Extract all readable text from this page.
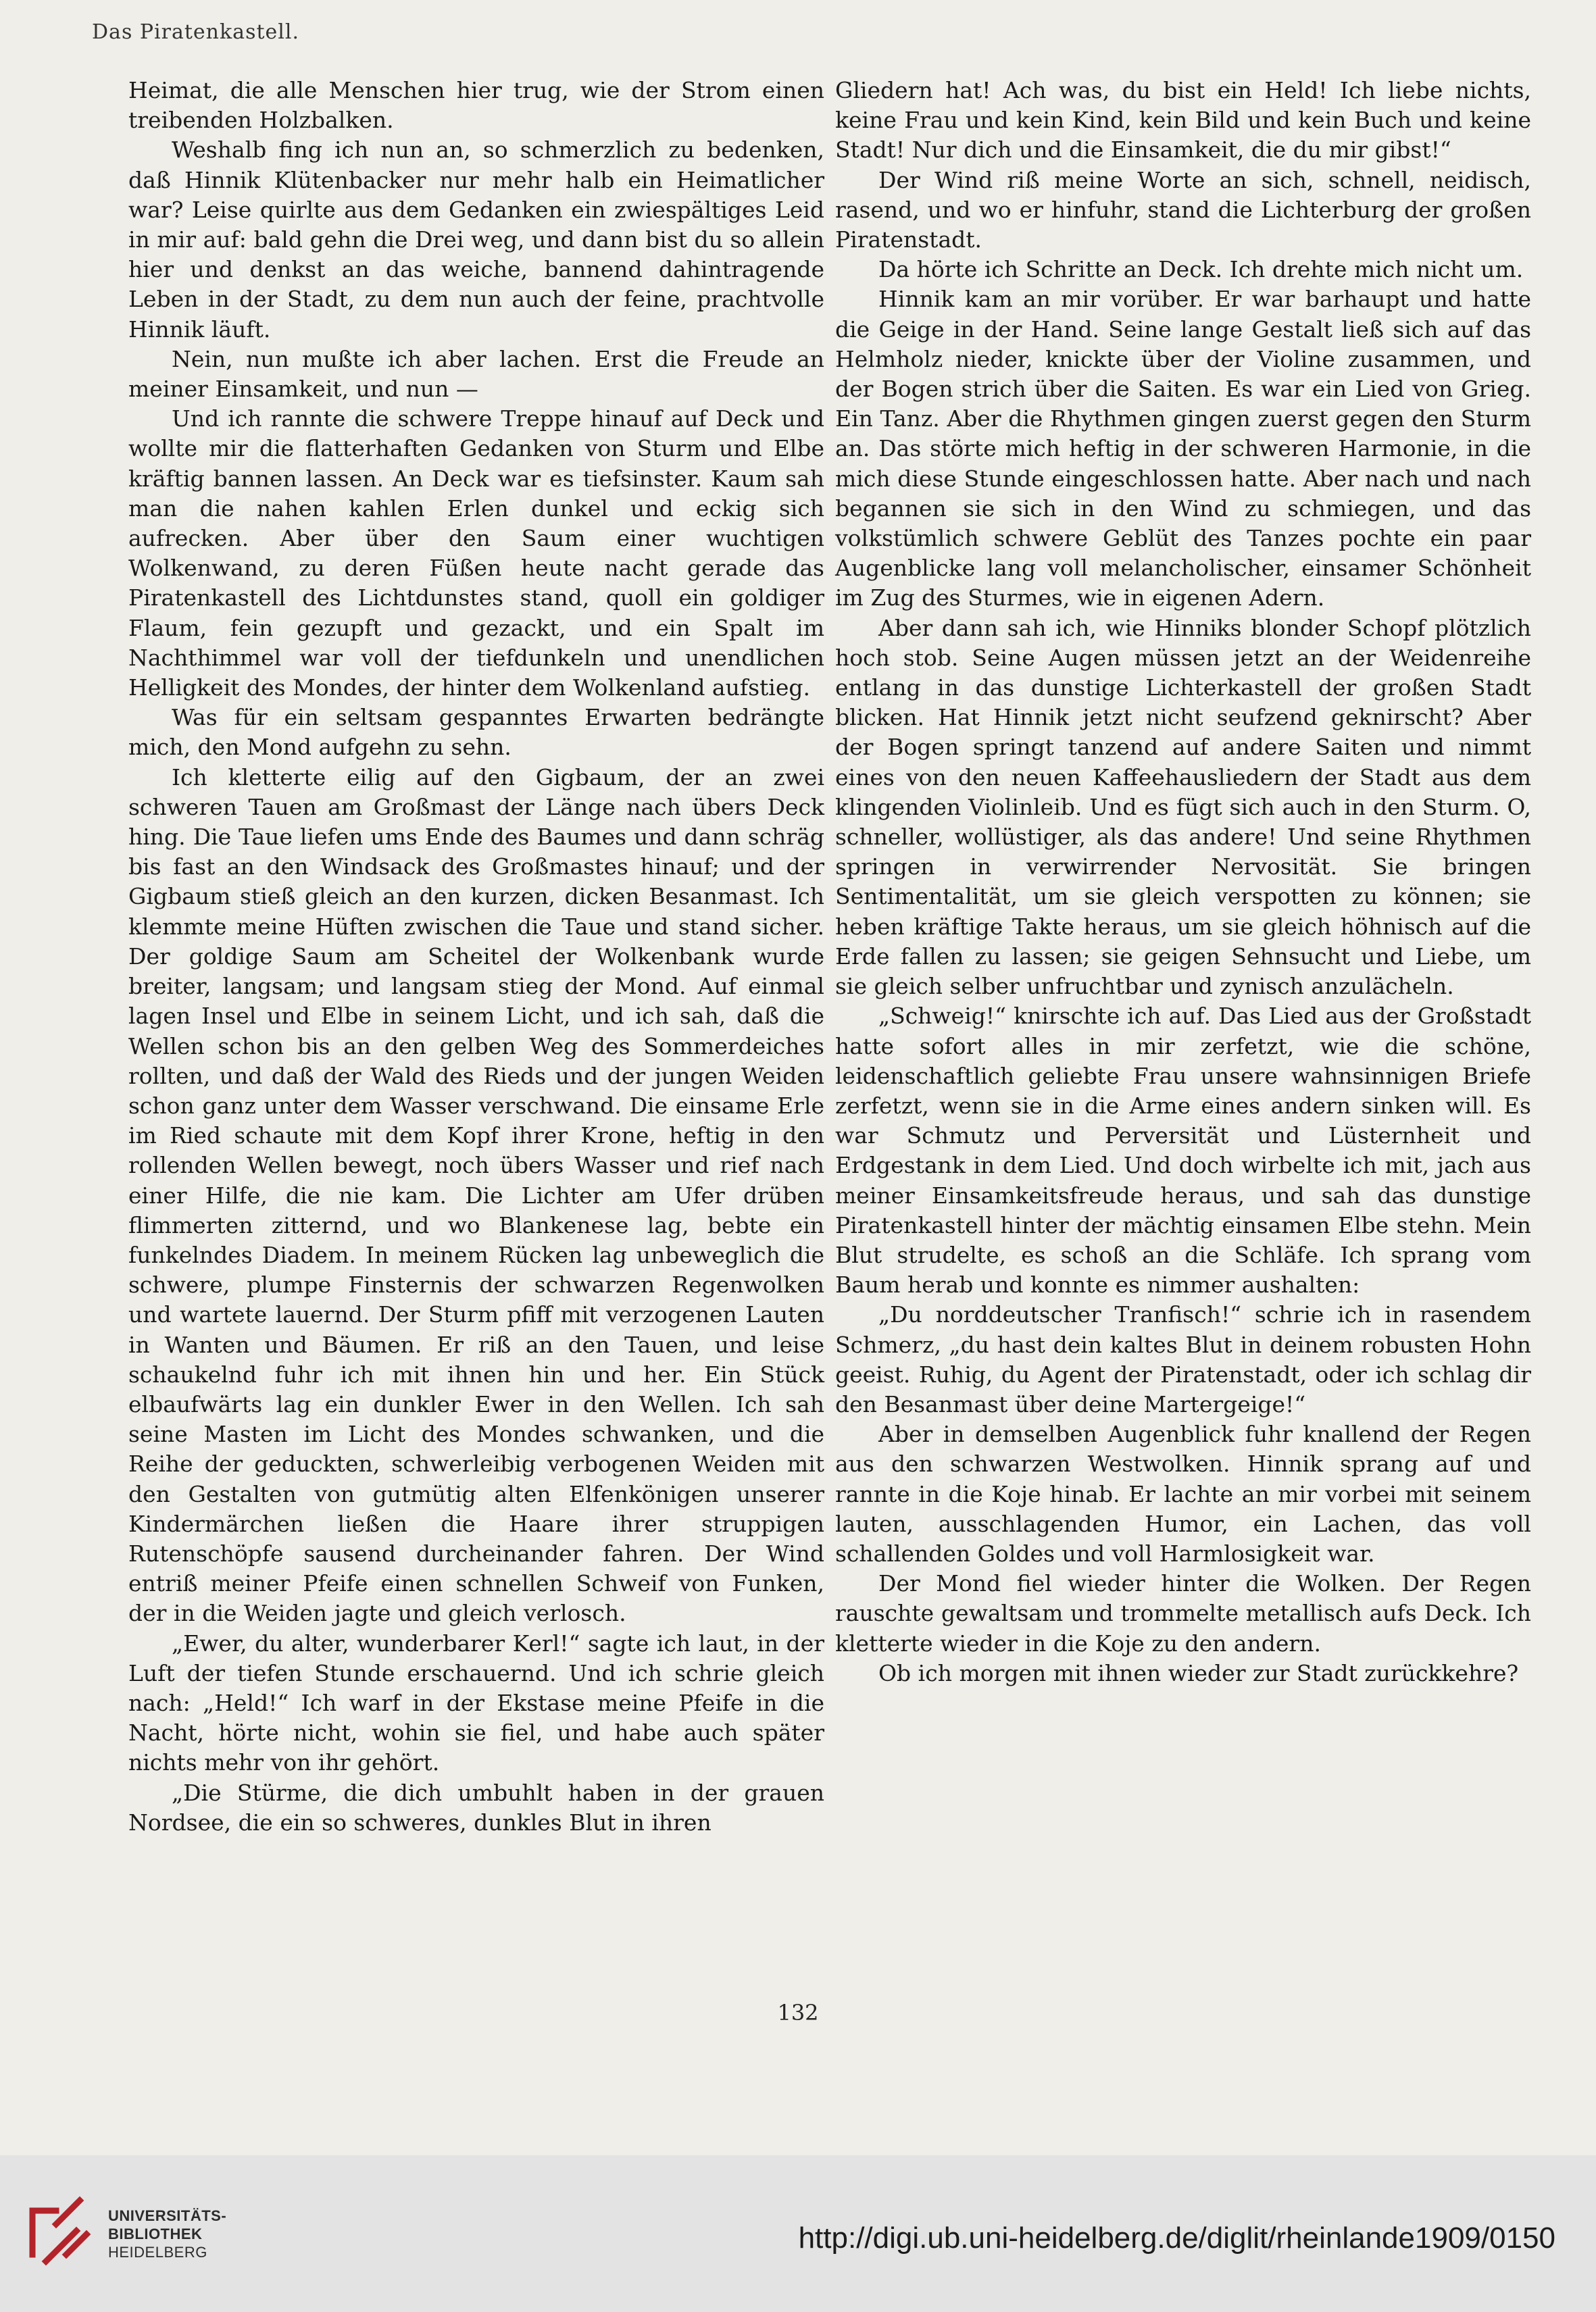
Das Piratenkastell.

Heimat, die alle Menschen hier trug, wie der Strom einen treibenden Holzbalken.

Weshalb fing ich nun an, so schmerzlich zu bedenken, daß Hinnik Klütenbacker nur mehr halb ein Heimatlicher war? Leise quirlte aus dem Gedanken ein zwiespältiges Leid in mir auf: bald gehn die Drei weg, und dann bist du so allein hier und denkst an das weiche, bannend dahintragende Leben in der Stadt, zu dem nun auch der feine, prachtvolle Hinnik läuft.

Nein, nun mußte ich aber lachen. Erst die Freude an meiner Einsamkeit, und nun —

Und ich rannte die schwere Treppe hinauf auf Deck und wollte mir die flatterhaften Gedanken von Sturm und Elbe kräftig bannen lassen. An Deck war es tiefsinster. Kaum sah man die nahen kahlen Erlen dunkel und eckig sich aufrecken. Aber über den Saum einer wuchtigen Wolkenwand, zu deren Füßen heute nacht gerade das Piratenkastell des Lichtdunstes stand, quoll ein goldiger Flaum, fein gezupft und gezackt, und ein Spalt im Nachthimmel war voll der tiefdunkeln und unendlichen Helligkeit des Mondes, der hinter dem Wolkenland aufstieg.

Was für ein seltsam gespanntes Erwarten bedrängte mich, den Mond aufgehn zu sehn.

Ich kletterte eilig auf den Gigbaum, der an zwei schweren Tauen am Großmast der Länge nach übers Deck hing. Die Taue liefen ums Ende des Baumes und dann schräg bis fast an den Windsack des Großmastes hinauf; und der Gigbaum stieß gleich an den kurzen, dicken Besanmast. Ich klemmte meine Hüften zwischen die Taue und stand sicher. Der goldige Saum am Scheitel der Wolkenbank wurde breiter, langsam; und langsam stieg der Mond. Auf einmal lagen Insel und Elbe in seinem Licht, und ich sah, daß die Wellen schon bis an den gelben Weg des Sommerdeiches rollten, und daß der Wald des Rieds und der jungen Weiden schon ganz unter dem Wasser verschwand. Die einsame Erle im Ried schaute mit dem Kopf ihrer Krone, heftig in den rollenden Wellen bewegt, noch übers Wasser und rief nach einer Hilfe, die nie kam. Die Lichter am Ufer drüben flimmerten zitternd, und wo Blankenese lag, bebte ein funkelndes Diadem. In meinem Rücken lag unbeweglich die schwere, plumpe Finsternis der schwarzen Regenwolken und wartete lauernd. Der Sturm pfiff mit verzogenen Lauten in Wanten und Bäumen. Er riß an den Tauen, und leise schaukelnd fuhr ich mit ihnen hin und her. Ein Stück elbaufwärts lag ein dunkler Ewer in den Wellen. Ich sah seine Masten im Licht des Mondes schwanken, und die Reihe der geduckten, schwerleibig verbogenen Weiden mit den Gestalten von gutmütig alten Elfenkönigen unserer Kindermärchen ließen die Haare ihrer struppigen Rutenschöpfe sausend durcheinander fahren. Der Wind entriß meiner Pfeife einen schnellen Schweif von Funken, der in die Weiden jagte und gleich verlosch.

„Ewer, du alter, wunderbarer Kerl!“ sagte ich laut, in der Luft der tiefen Stunde erschauernd. Und ich schrie gleich nach: „Held!“ Ich warf in der Ekstase meine Pfeife in die Nacht, hörte nicht, wohin sie fiel, und habe auch später nichts mehr von ihr gehört.

„Die Stürme, die dich umbuhlt haben in der grauen Nordsee, die ein so schweres, dunkles Blut in ihren

Gliedern hat! Ach was, du bist ein Held! Ich liebe nichts, keine Frau und kein Kind, kein Bild und kein Buch und keine Stadt! Nur dich und die Einsamkeit, die du mir gibst!“

Der Wind riß meine Worte an sich, schnell, neidisch, rasend, und wo er hinfuhr, stand die Lichterburg der großen Piratenstadt.

Da hörte ich Schritte an Deck. Ich drehte mich nicht um.

Hinnik kam an mir vorüber. Er war barhaupt und hatte die Geige in der Hand. Seine lange Gestalt ließ sich auf das Helmholz nieder, knickte über der Violine zusammen, und der Bogen strich über die Saiten. Es war ein Lied von Grieg. Ein Tanz. Aber die Rhythmen gingen zuerst gegen den Sturm an. Das störte mich heftig in der schweren Harmonie, in die mich diese Stunde eingeschlossen hatte. Aber nach und nach begannen sie sich in den Wind zu schmiegen, und das volkstümlich schwere Geblüt des Tanzes pochte ein paar Augenblicke lang voll melancholischer, einsamer Schönheit im Zug des Sturmes, wie in eigenen Adern.

Aber dann sah ich, wie Hinniks blonder Schopf plötzlich hoch stob. Seine Augen müssen jetzt an der Weidenreihe entlang in das dunstige Lichterkastell der großen Stadt blicken. Hat Hinnik jetzt nicht seufzend geknirscht? Aber der Bogen springt tanzend auf andere Saiten und nimmt eines von den neuen Kaffeehausliedern der Stadt aus dem klingenden Violinleib. Und es fügt sich auch in den Sturm. O, schneller, wollüstiger, als das andere! Und seine Rhythmen springen in verwirrender Nervosität. Sie bringen Sentimentalität, um sie gleich verspotten zu können; sie heben kräftige Takte heraus, um sie gleich höhnisch auf die Erde fallen zu lassen; sie geigen Sehnsucht und Liebe, um sie gleich selber unfruchtbar und zynisch anzulächeln.

„Schweig!“ knirschte ich auf. Das Lied aus der Großstadt hatte sofort alles in mir zerfetzt, wie die schöne, leidenschaftlich geliebte Frau unsere wahnsinnigen Briefe zerfetzt, wenn sie in die Arme eines andern sinken will. Es war Schmutz und Perversität und Lüsternheit und Erdgestank in dem Lied. Und doch wirbelte ich mit, jach aus meiner Einsamkeitsfreude heraus, und sah das dunstige Piratenkastell hinter der mächtig einsamen Elbe stehn. Mein Blut strudelte, es schoß an die Schläfe. Ich sprang vom Baum herab und konnte es nimmer aushalten:

„Du norddeutscher Tranfisch!“ schrie ich in rasendem Schmerz, „du hast dein kaltes Blut in deinem robusten Hohn geeist. Ruhig, du Agent der Piratenstadt, oder ich schlag dir den Besanmast über deine Martergeige!“

Aber in demselben Augenblick fuhr knallend der Regen aus den schwarzen Westwolken. Hinnik sprang auf und rannte in die Koje hinab. Er lachte an mir vorbei mit seinem lauten, ausschlagenden Humor, ein Lachen, das voll schallenden Goldes und voll Harmlosigkeit war.

Der Mond fiel wieder hinter die Wolken. Der Regen rauschte gewaltsam und trommelte metallisch aufs Deck. Ich kletterte wieder in die Koje zu den andern.

Ob ich morgen mit ihnen wieder zur Stadt zurückkehre?

132
UNIVERSITÄTS-
BIBLIOTHEK
HEIDELBERG	http://digi.ub.uni-heidelberg.de/diglit/rheinlande1909/0150
